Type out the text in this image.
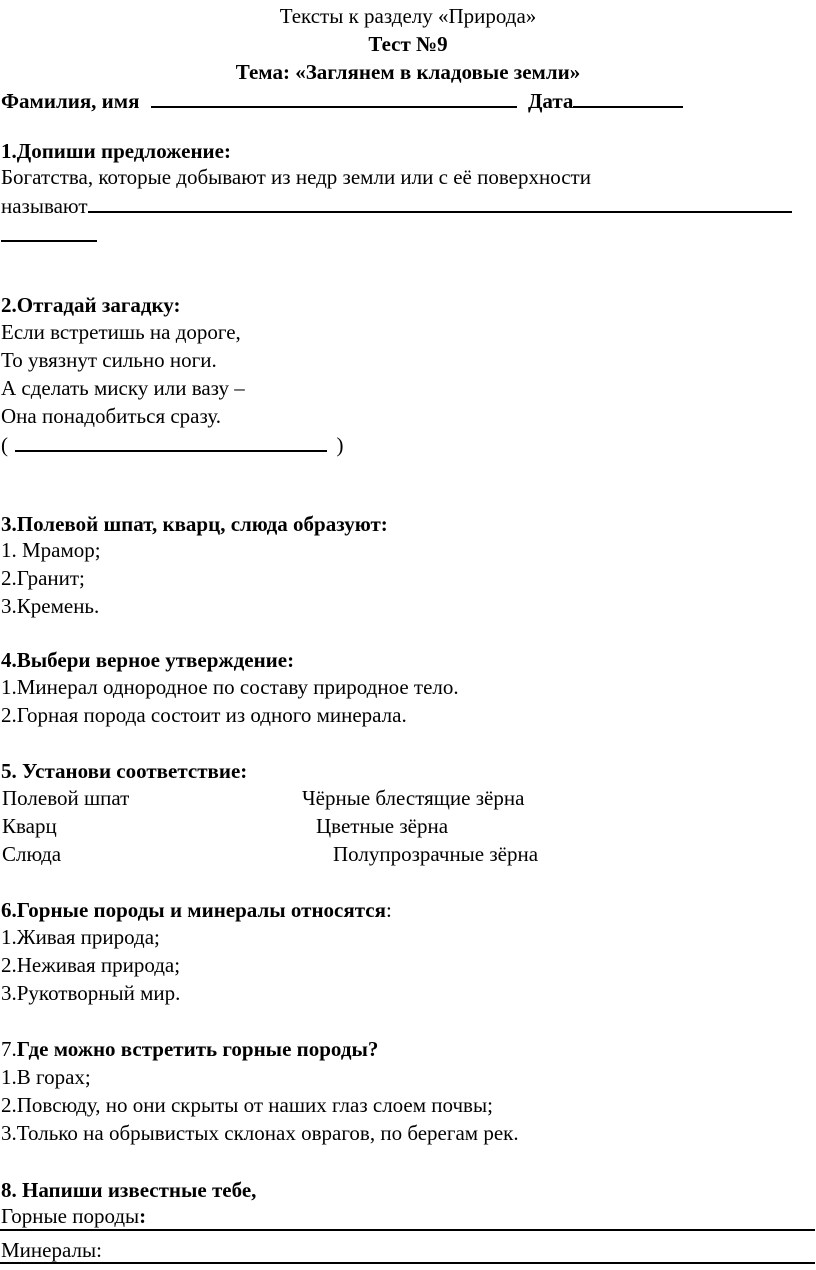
Тексты к разделу «Природа»
Тест №9
Тема: «Заглянем в кладовые земли»
Фамилия, имя	Дата
1.Допиши предложение:
Богатства, которые добывают из недр земли или с её поверхности
называют
2.Отгадай загадку:
Если встретишь на дороге,
То увязнут сильно ноги.
А сделать миску или вазу –
Она понадобиться сразу.
(	)
3.Полевой шпат, кварц, слюда образуют:
1. Мрамор;
2.Гранит;
3.Кремень.
4.Выбери верное утверждение:
1.Минерал однородное по составу природное тело.
2.Горная порода состоит из одного минерала.
5. Установи соответствие:
Полевой шпат	Чёрные блестящие зёрна
Кварц	Цветные зёрна
Слюда	Полупрозрачные зёрна
6.Горные породы и минералы относятся:
1.Живая природа;
2.Неживая природа;
3.Рукотворный мир.
7.Где можно встретить горные породы?
1.В горах;
2.Повсюду, но они скрыты от наших глаз слоем почвы;
3.Только на обрывистых склонах оврагов, по берегам рек.
8. Напиши известные тебе,
Горные породы:
Минералы:
